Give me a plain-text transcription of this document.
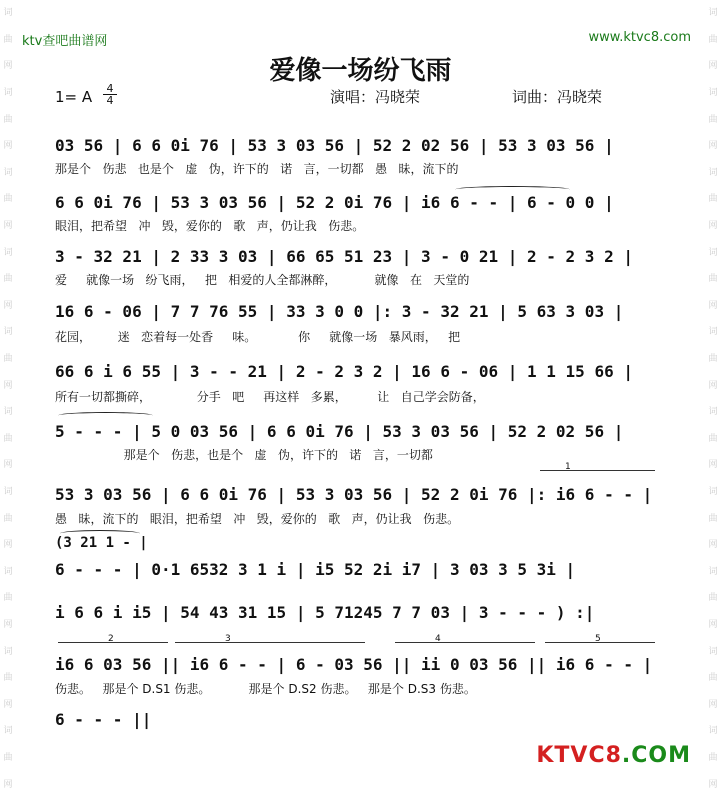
词
曲
网
词
曲
网
词
曲
网
词
曲
网
词
曲
网
词
曲
网
词
曲
网
词
曲
网
词
曲
网
词
曲
网
词
曲
网
词
曲
网
词
曲
网
词
曲
网
词
曲
网
词
曲
网
词
曲
网
词
曲
网
词
曲
网
词
曲
网
ktv查吧曲谱网	www.ktvc8.com
爱像一场纷飞雨
1= A	4
4	演唱：冯晓荣	词曲：冯晓荣
03 56 | 6 6 0i 76 | 53 3 03 56 | 52 2 02 56 | 53 3 03 56 |
那是个   伤悲   也是个   虚   伪，许下的   诺   言，一切都   愚   昧，流下的
6 6 0i 76 | 53 3 03 56 | 52 2 0i 76 | i6 6 - - | 6 - 0 0 |
眼泪，把希望   冲   毁，爱你的   歌   声，仍让我   伤悲。
3 - 32 21 | 2 33 3 03 | 66 65 51 23 | 3 - 0 21 | 2 - 2 3 2 |
爱     就像一场   纷飞雨，   把   相爱的人全都淋醉，          就像   在   天堂的
16 6 - 06 | 7 7 76 55 | 33 3 0 0 |: 3 - 32 21 | 5 63 3 03 |
花园，       迷   恋着每一处香     味。           你     就像一场   暴风雨，   把
66 6 i 6 55 | 3 - - 21 | 2 - 2 3 2 | 16 6 - 06 | 1 1 15 66 |
所有一切都撕碎，            分手   吧     再这样   多累，        让   自己学会防备，
5 - - - | 5 0 03 56 | 6 6 0i 76 | 53 3 03 56 | 52 2 02 56 |
那是个   伤悲，也是个   虚   伪，许下的   诺   言，一切都
53 3 03 56 | 6 6 0i 76 | 53 3 03 56 | 52 2 0i 76 |: i6 6 - - |
愚   昧，流下的   眼泪，把希望   冲   毁，爱你的   歌   声，仍让我   伤悲。
(3 21 1 - |
6 - - - | 0·1 6532 3 1 i | i5 52 2i i7 | 3 03 3 5 3i |
i 6 6 i i5 | 54 43 31 15 | 5 71245 7 7 03 | 3 - - - ) :|
i6 6 03 56 || i6 6 - - | 6 - 03 56 || ii 0 03 56 || i6 6 - - |
伤悲。   那是个 D.S1 伤悲。          那是个 D.S2 伤悲。   那是个 D.S3 伤悲。
6 - - - ||
1
2	3	4	5
KTVC8.COM
